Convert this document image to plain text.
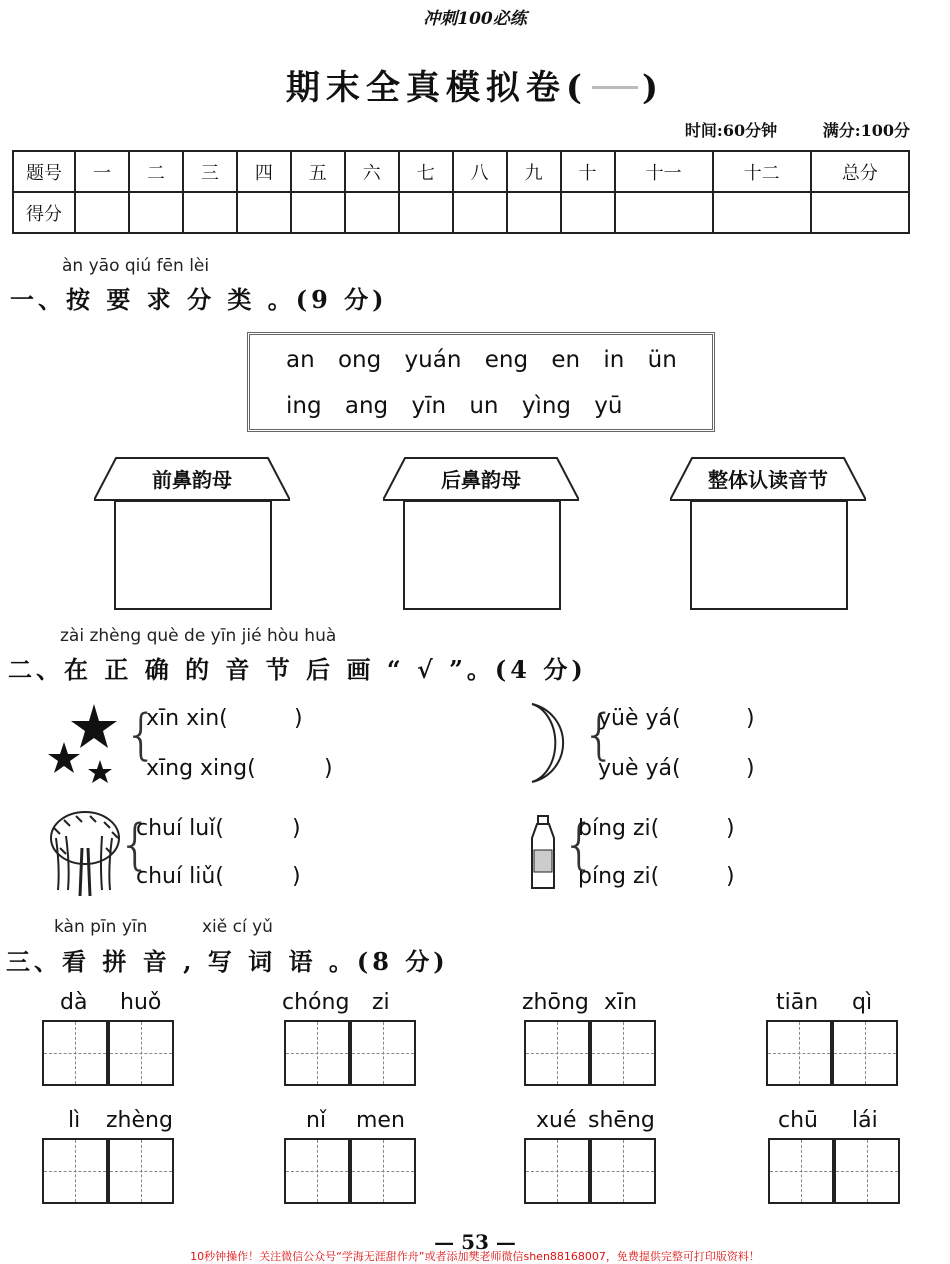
冲刺100必练
期末全真模拟卷( )
时间:60分钟	满分:100分
题号	一	二	三	四	五	六	七	八	九	十	十一	十二	总分
得分													
àn yāo qiú fēn lèi
一、按 要 求 分 类 。(9 分)
an ong yuán eng en in ün
ing ang yīn un yìng yū
前鼻韵母	后鼻韵母	整体认读音节
zài zhèng què de yīn jié hòu huà
二、在 正 确 的 音 节 后 画 “ √ ”。(4 分)
{
xīn xin(	)
xīng xing(	)
{
yüè yá(	)
yuè yá(	)
{
chuí luǐ(	)
chuí liǔ(	)
{
bíng zi(	)
píng zi(	)
kàn pīn yīn	xiě cí yǔ
三、看 拼 音 , 写 词 语 。(8 分)
dà huǒ	chóng zi	zhōng xīn	tiān qì
lì zhèng	nǐ men	xué shēng	chū lái
— 53 —
10秒钟操作！关注微信公众号“学海无涯甜作舟”或者添加樊老师微信shen88168007，免费提供完整可打印版资料！
